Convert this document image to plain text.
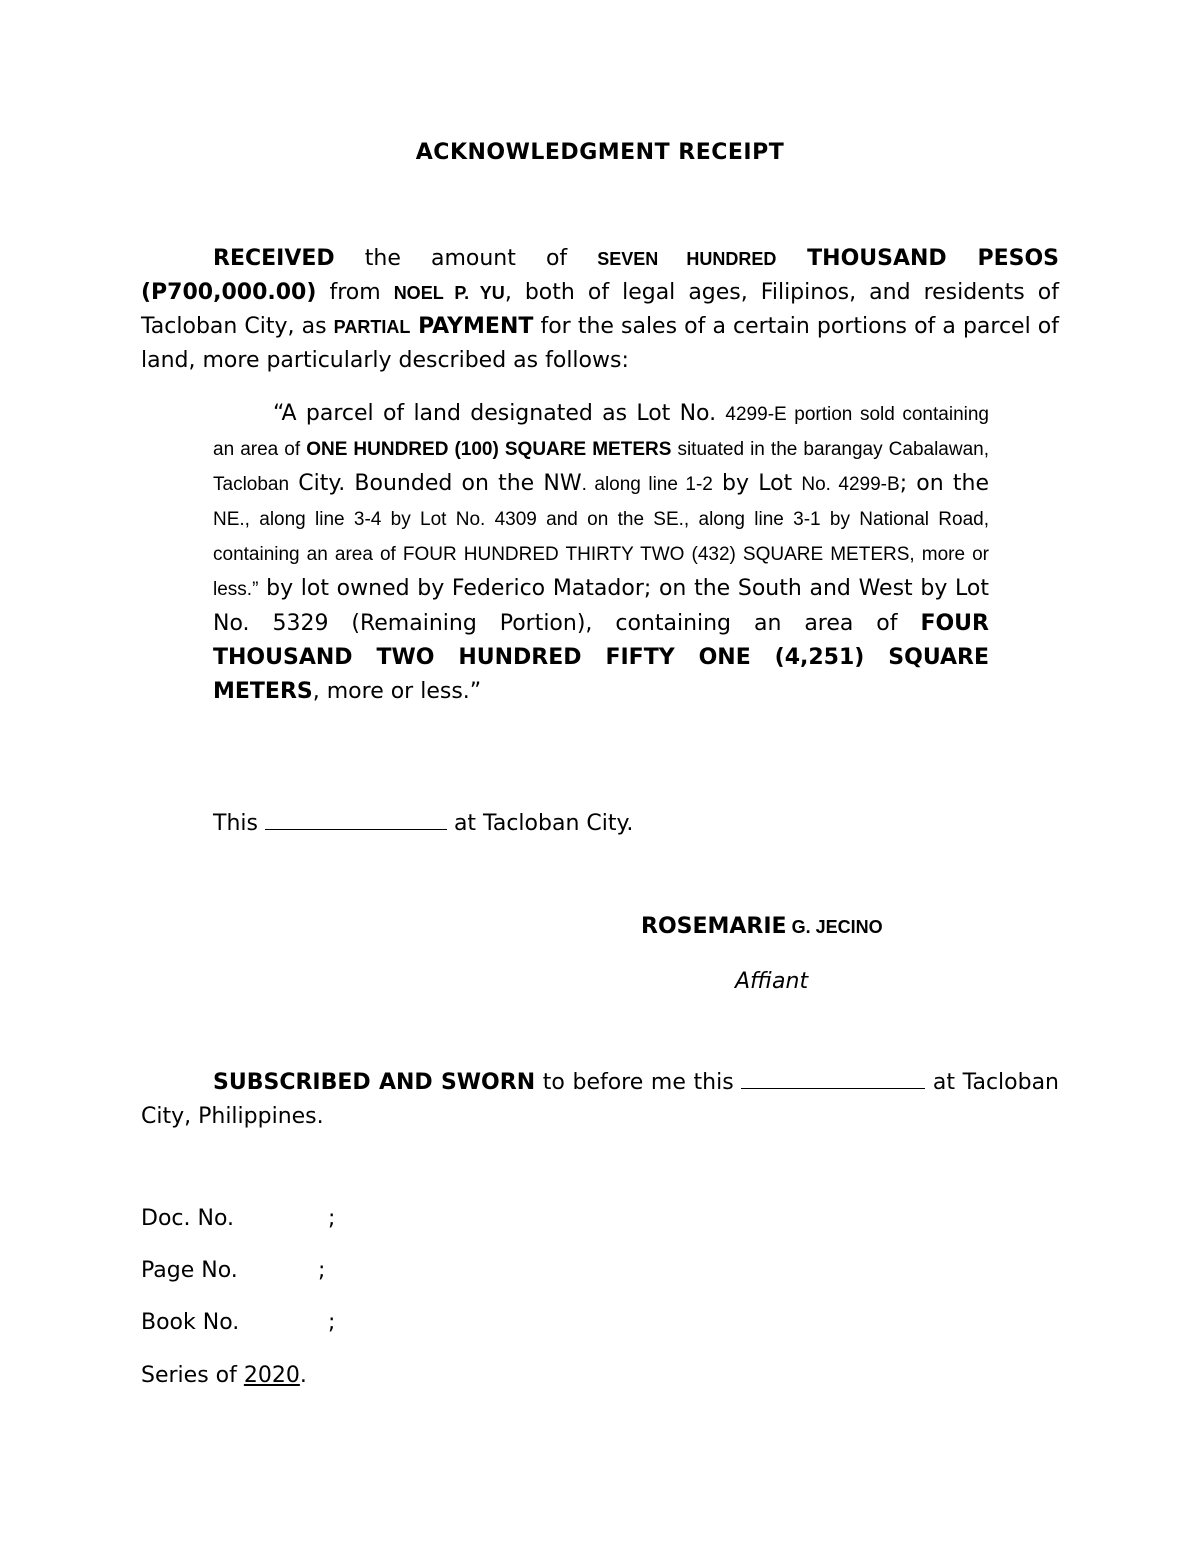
ACKNOWLEDGMENT RECEIPT
RECEIVED the amount of SEVEN HUNDRED THOUSAND PESOS (P700,000.00) from NOEL P. YU, both of legal ages, Filipinos, and residents of Tacloban City, as PARTIAL PAYMENT for the sales of a certain portions of a parcel of land, more particularly described as follows:
“A parcel of land designated as Lot No. 4299-E portion sold containing an area of ONE HUNDRED (100) SQUARE METERS situated in the barangay Cabalawan, Tacloban City. Bounded on the NW. along line 1-2 by Lot No. 4299-B; on the NE., along line 3-4 by Lot No. 4309 and on the SE., along line 3-1 by National Road, containing an area of FOUR HUNDRED THIRTY TWO (432) SQUARE METERS, more or less.” by lot owned by Federico Matador; on the South and West by Lot No. 5329 (Remaining Portion), containing an area of FOUR THOUSAND TWO HUNDRED FIFTY ONE (4,251) SQUARE METERS, more or less.”
This	at Tacloban City.
ROSEMARIE G. JECINO
Affiant
SUBSCRIBED AND SWORN to before me this	at Tacloban City, Philippines.
Doc. No.	;
Page No.	;
Book No.	;
Series of 2020.
